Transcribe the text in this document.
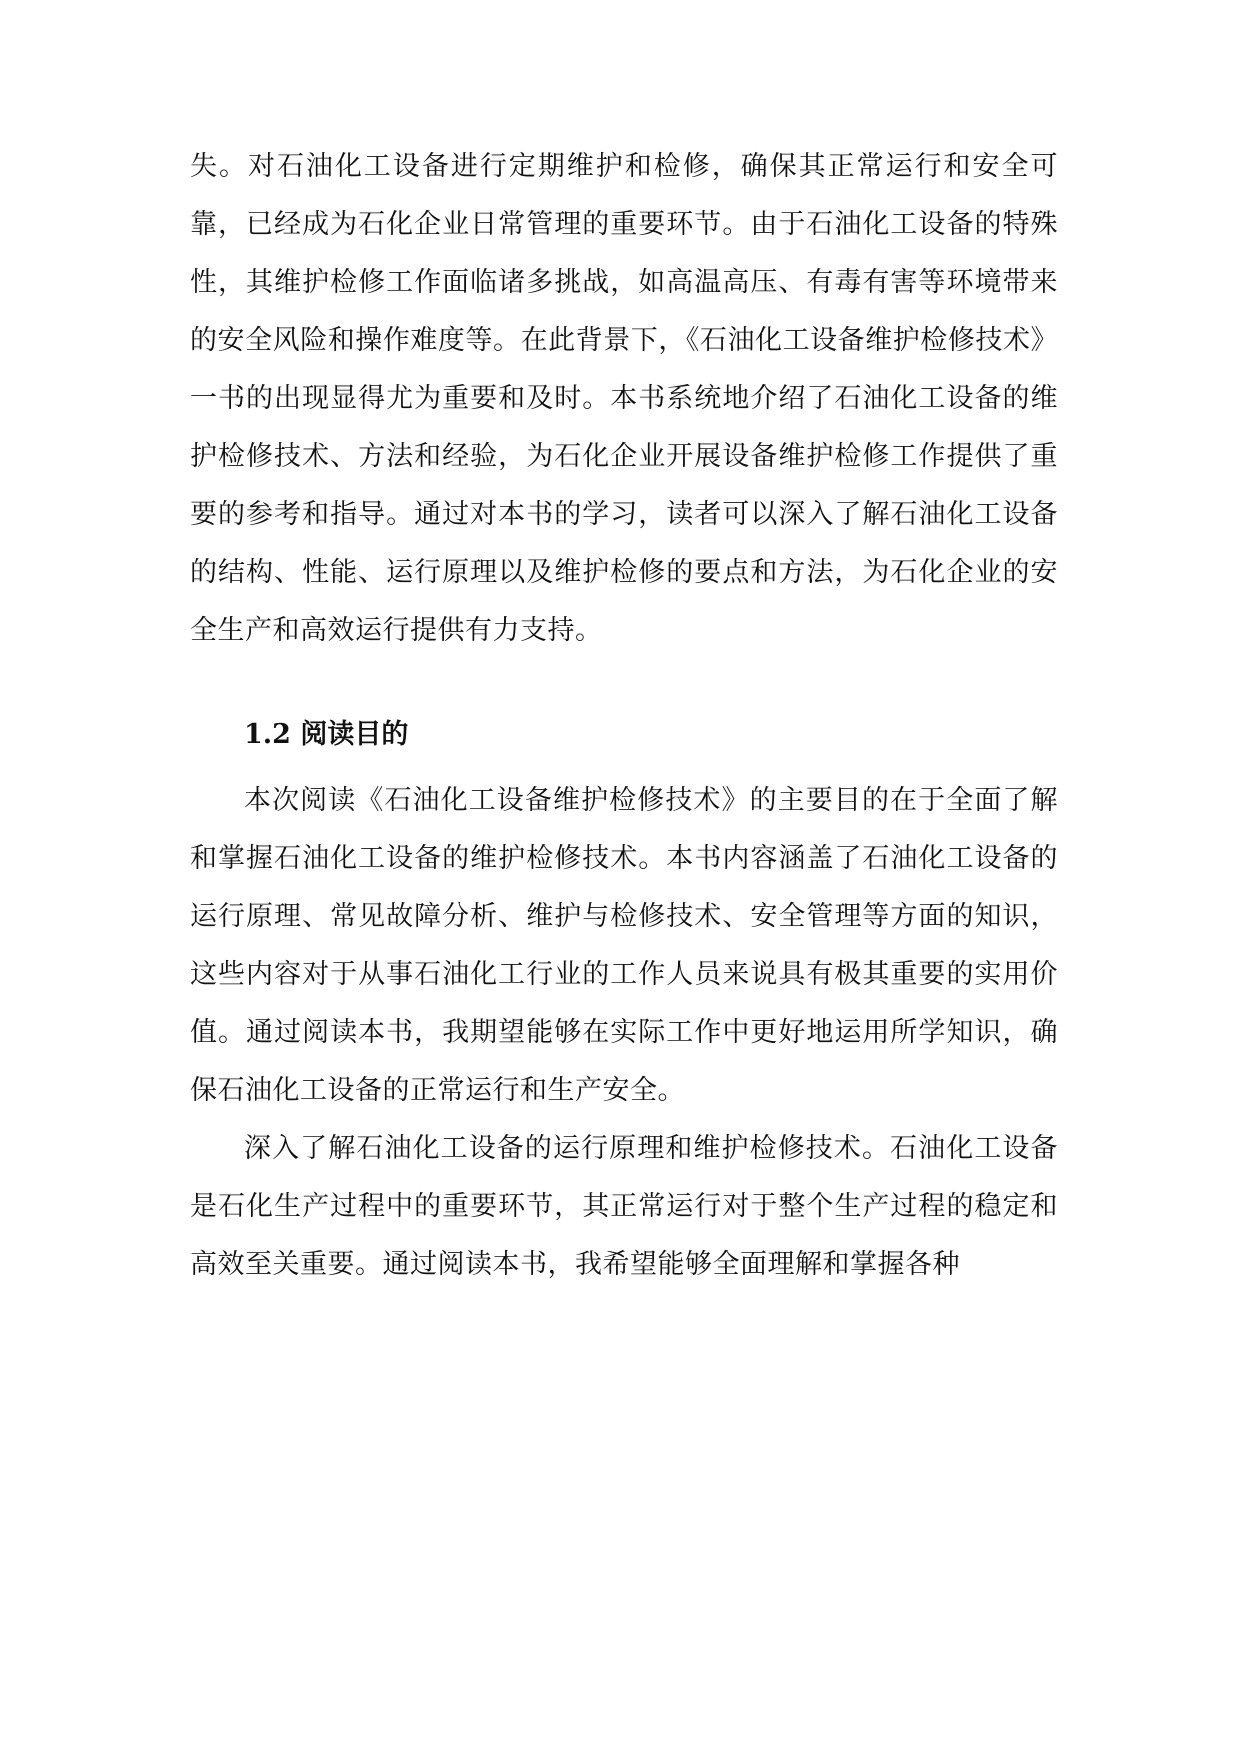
失。对石油化工设备进行定期维护和检修，确保其正常运行和安全可靠，已经成为石化企业日常管理的重要环节。由于石油化工设备的特殊性，其维护检修工作面临诸多挑战，如高温高压、有毒有害等环境带来的安全风险和操作难度等。在此背景下，《石油化工设备维护检修技术》一书的出现显得尤为重要和及时。本书系统地介绍了石油化工设备的维护检修技术、方法和经验，为石化企业开展设备维护检修工作提供了重要的参考和指导。通过对本书的学习，读者可以深入了解石油化工设备的结构、性能、运行原理以及维护检修的要点和方法，为石化企业的安全生产和高效运行提供有力支持。

1.2 阅读目的

本次阅读《石油化工设备维护检修技术》的主要目的在于全面了解和掌握石油化工设备的维护检修技术。本书内容涵盖了石油化工设备的运行原理、常见故障分析、维护与检修技术、安全管理等方面的知识，这些内容对于从事石油化工行业的工作人员来说具有极其重要的实用价值。通过阅读本书，我期望能够在实际工作中更好地运用所学知识，确保石油化工设备的正常运行和生产安全。

深入了解石油化工设备的运行原理和维护检修技术。石油化工设备是石化生产过程中的重要环节，其正常运行对于整个生产过程的稳定和高效至关重要。通过阅读本书，我希望能够全面理解和掌握各种
